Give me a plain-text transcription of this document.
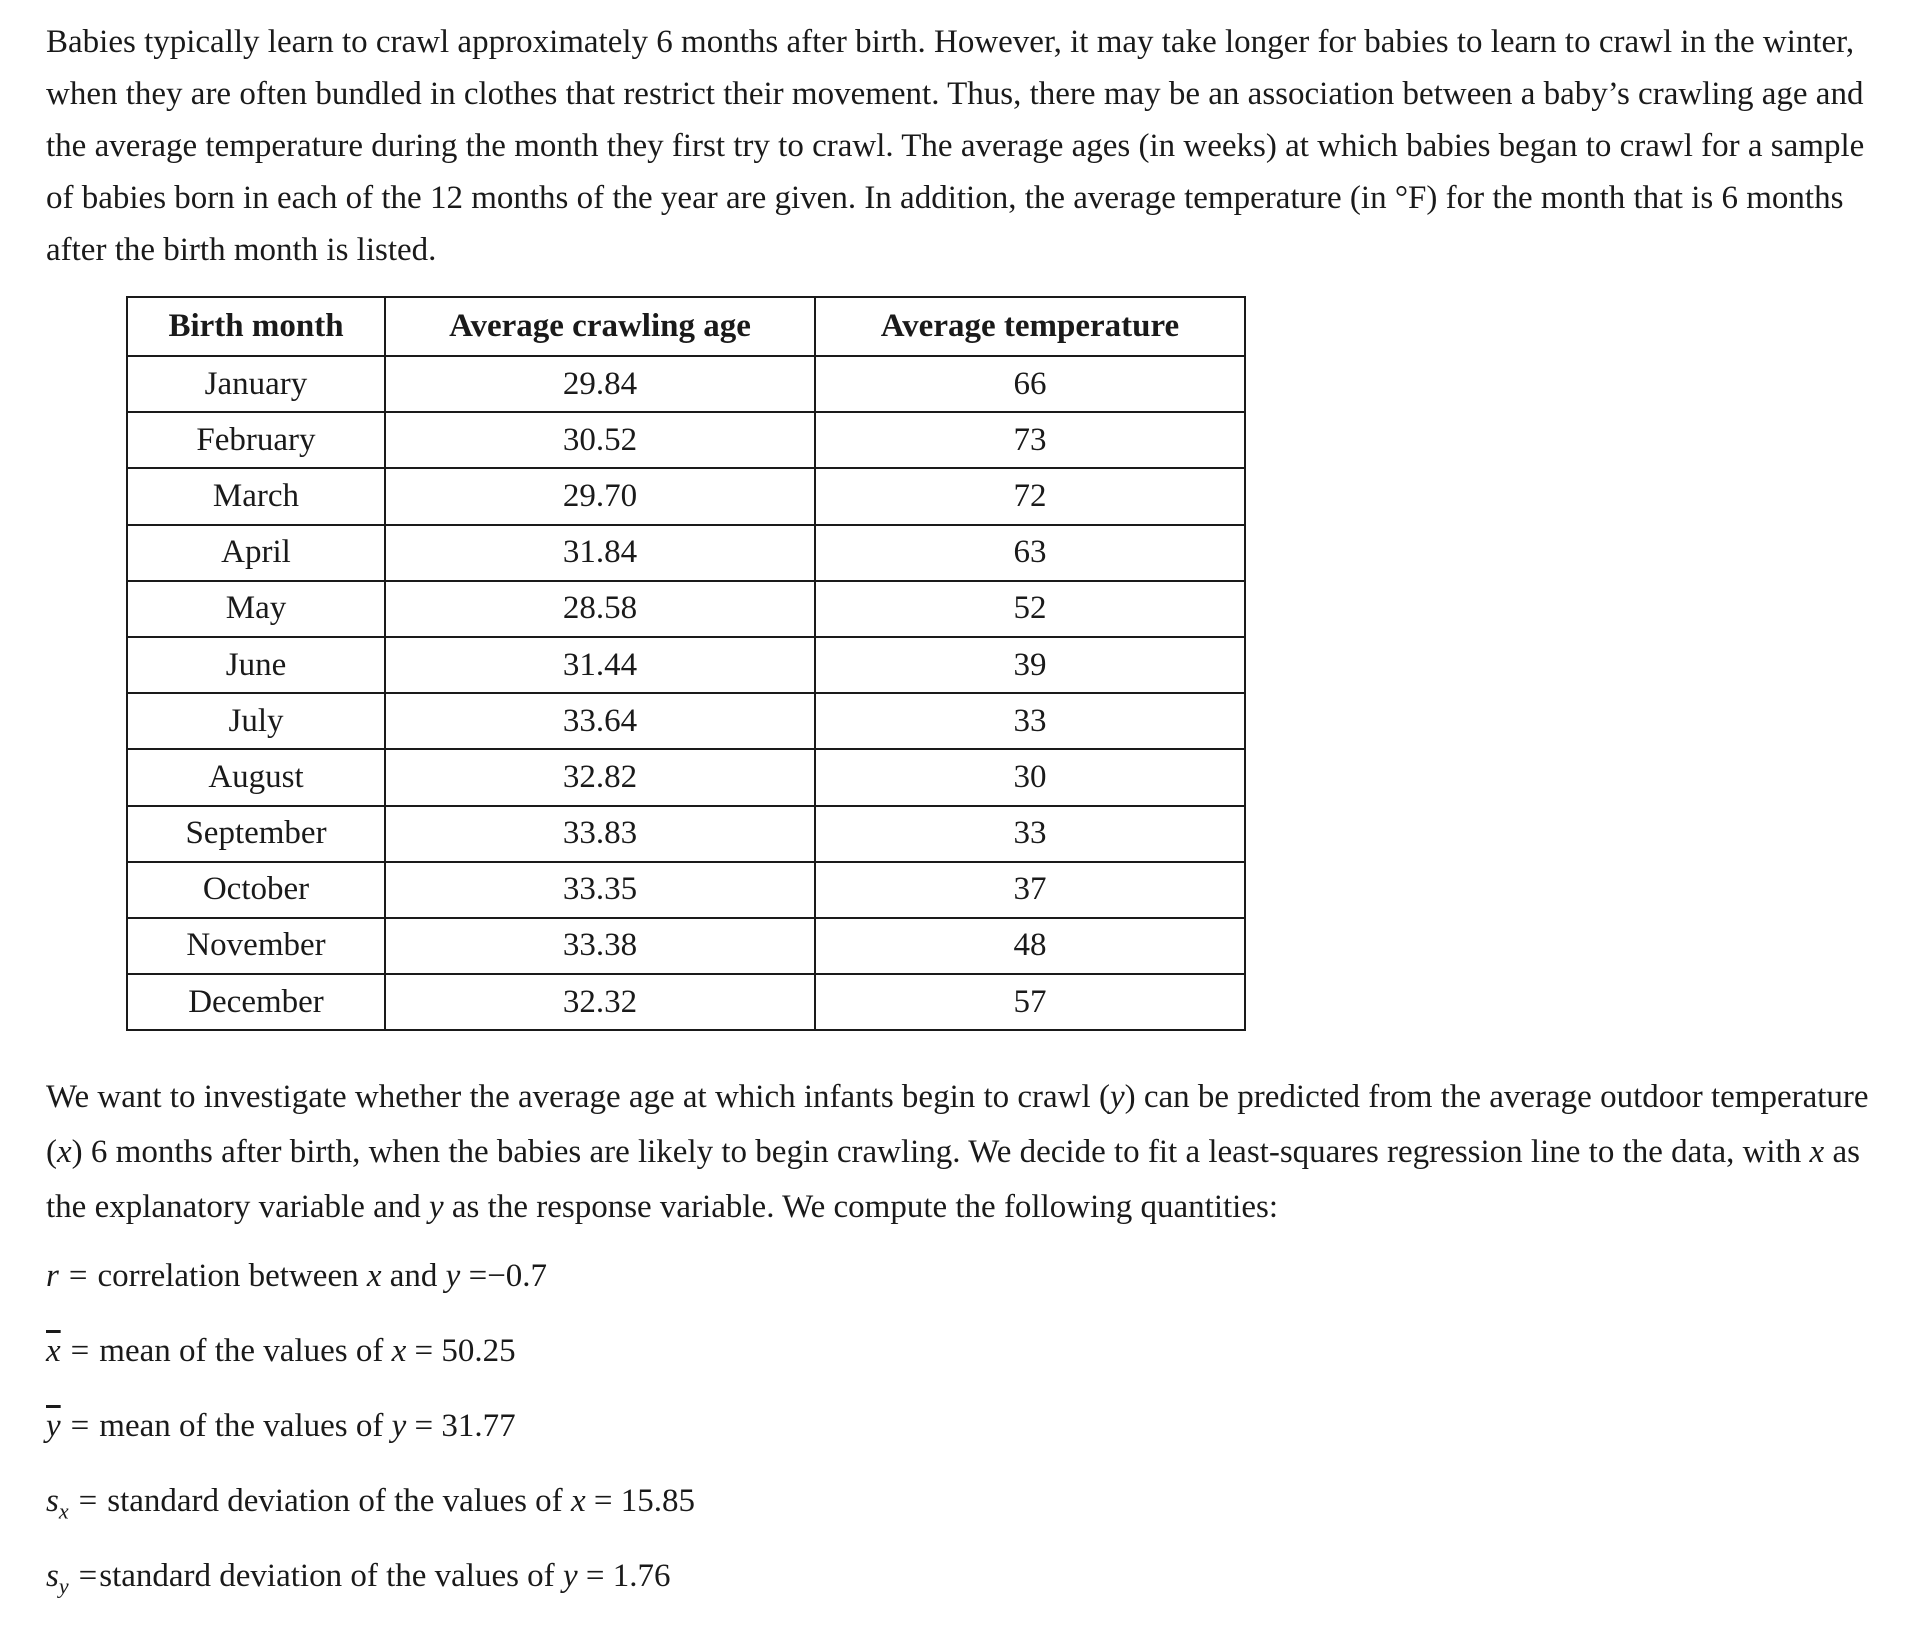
Babies typically learn to crawl approximately 6 months after birth. However, it may take longer for babies to learn to crawl in the winter, when they are often bundled in clothes that restrict their movement. Thus, there may be an association between a baby’s crawling age and the average temperature during the month they first try to crawl. The average ages (in weeks) at which babies began to crawl for a sample of babies born in each of the 12 months of the year are given. In addition, the average temperature (in °F) for the month that is 6 months after the birth month is listed.

Birth month	Average crawling age	Average temperature
January	29.84	66
February	30.52	73
March	29.70	72
April	31.84	63
May	28.58	52
June	31.44	39
July	33.64	33
August	32.82	30
September	33.83	33
October	33.35	37
November	33.38	48
December	32.32	57

We want to investigate whether the average age at which infants begin to crawl (y) can be predicted from the average outdoor temperature (x) 6 months after birth, when the babies are likely to begin crawling. We decide to fit a least-squares regression line to the data, with x as the explanatory variable and y as the response variable. We compute the following quantities:

r = correlation between x and y =−0.7
$\overline{x}$ = mean of the values of x = 50.25
$\overline{y}$ = mean of the values of y = 31.77
$s_x$ = standard deviation of the values of x = 15.85
$s_y$ =standard deviation of the values of y = 1.76
